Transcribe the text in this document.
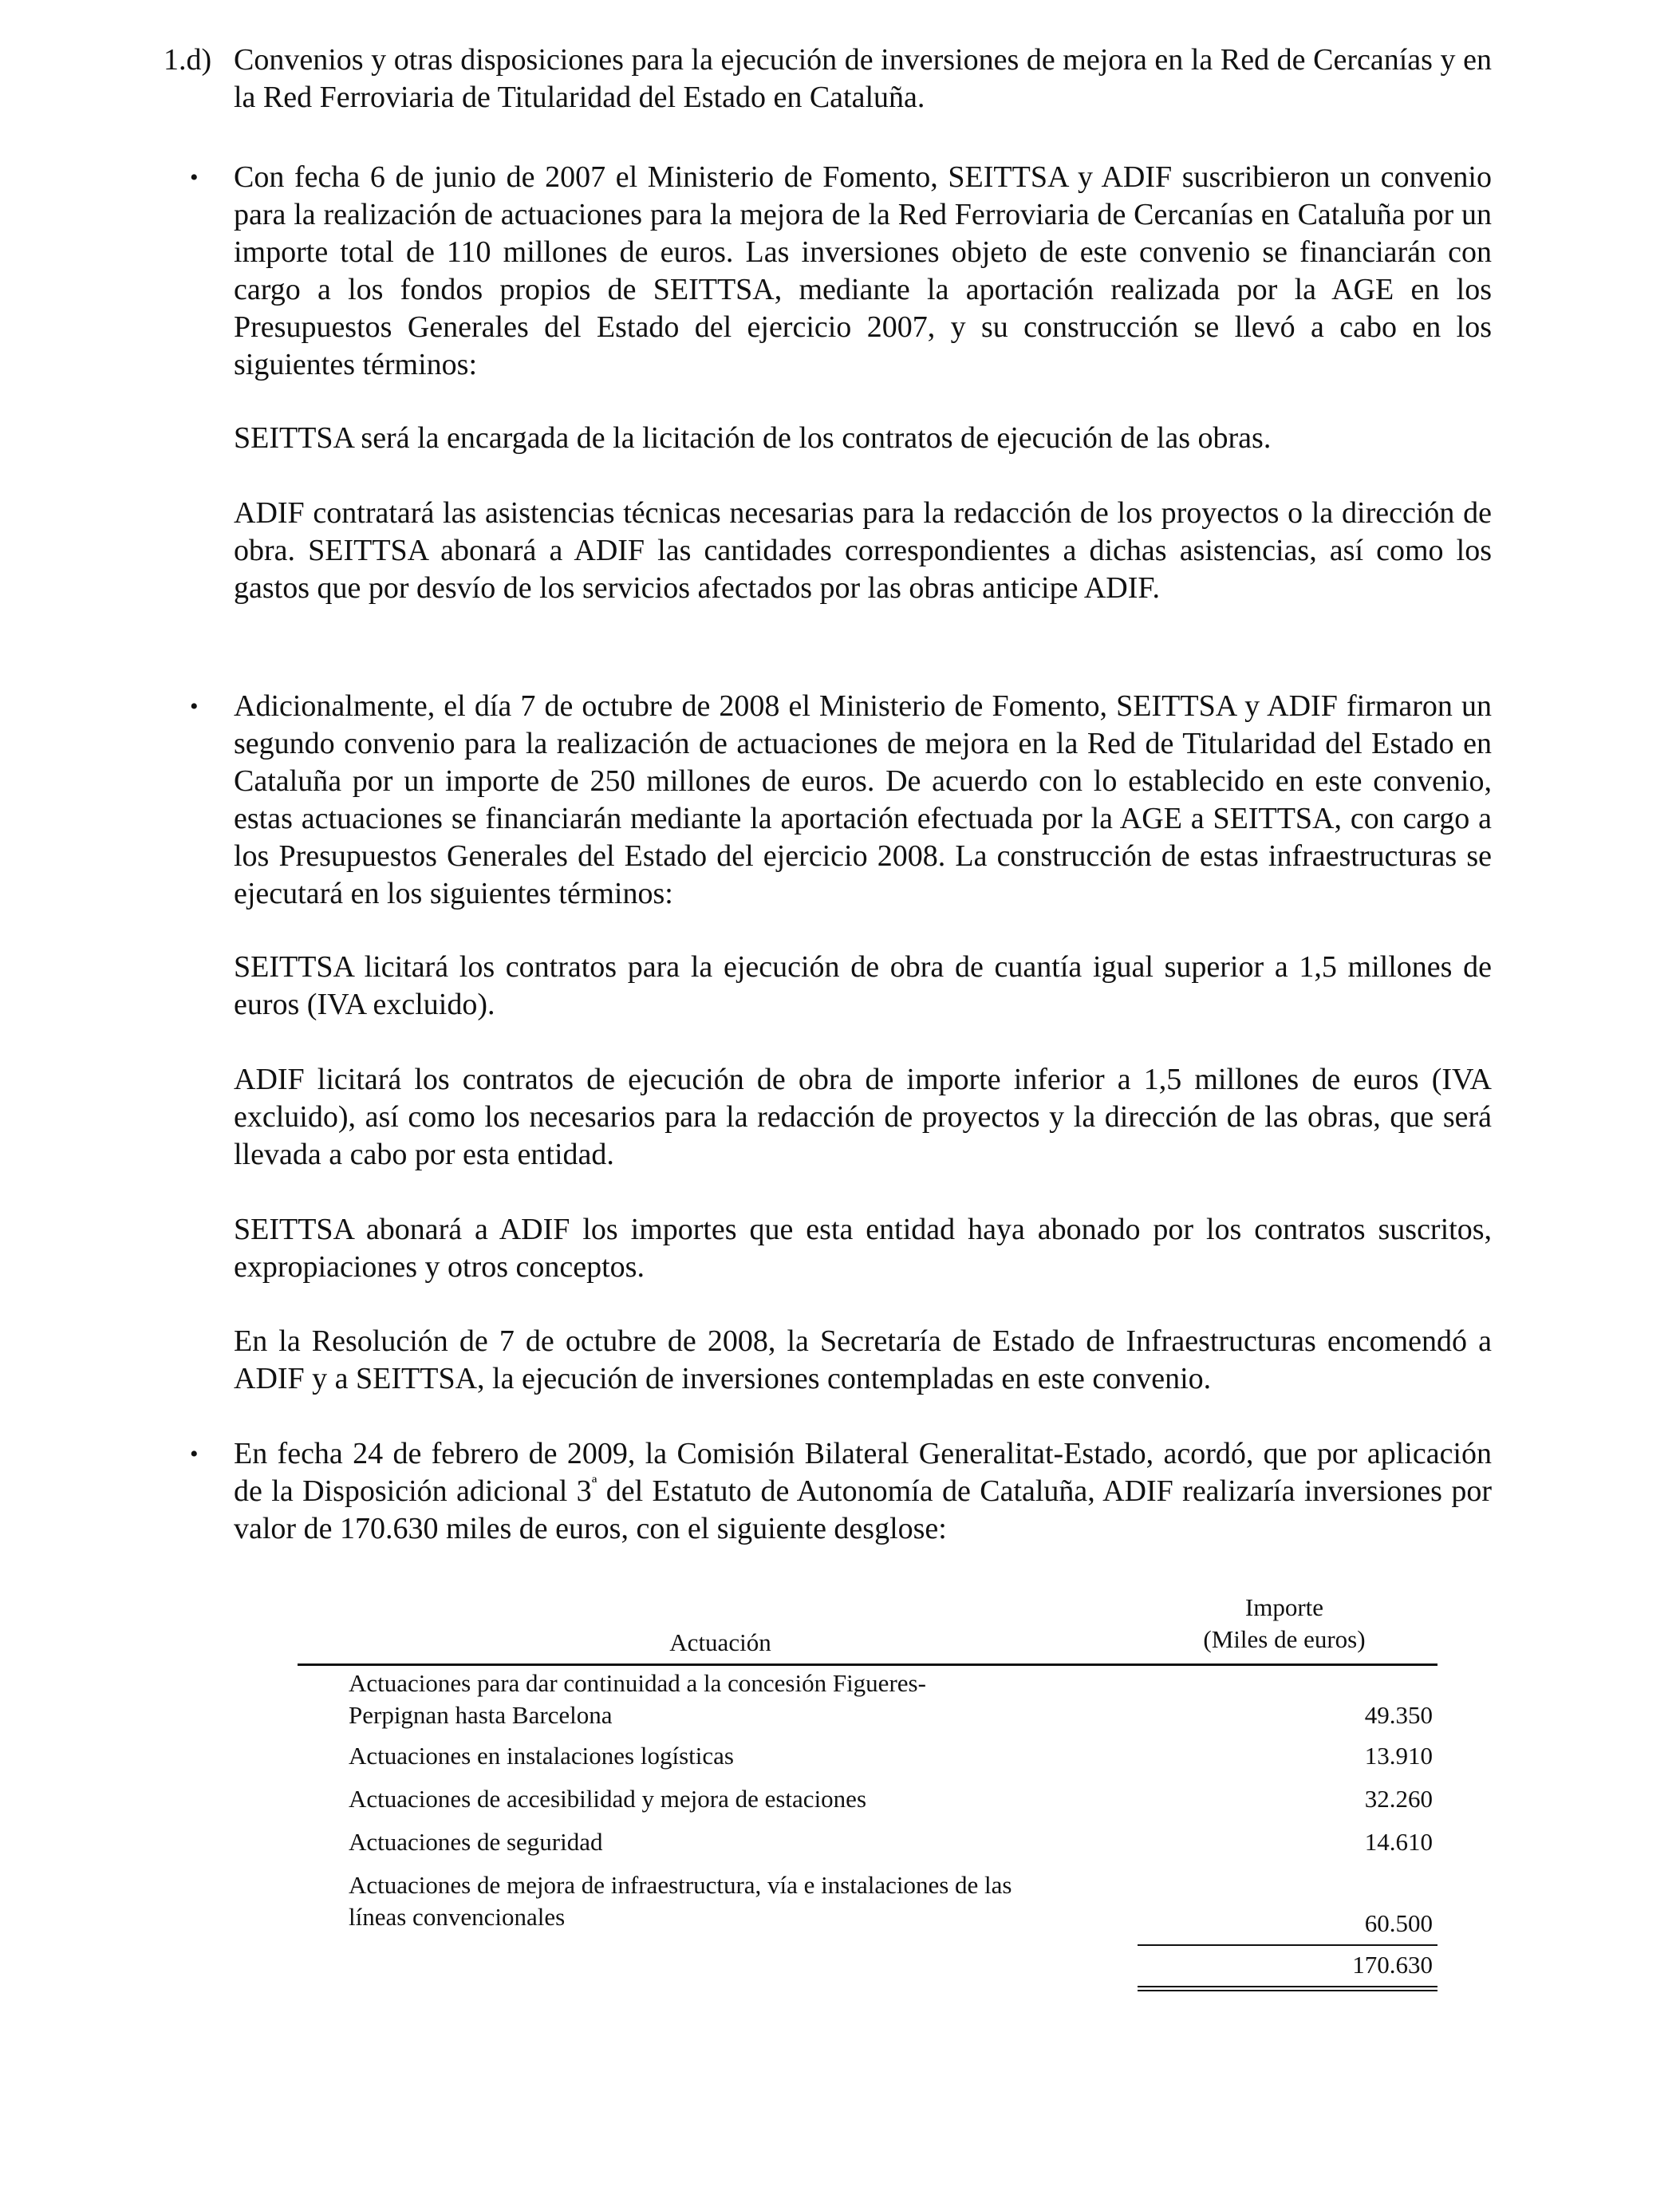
1.d) Convenios y otras disposiciones para la ejecución de inversiones de mejora en la Red de Cercanías y en la Red Ferroviaria de Titularidad del Estado en Cataluña.
• Con fecha 6 de junio de 2007 el Ministerio de Fomento, SEITTSA y ADIF suscribieron un convenio para la realización de actuaciones para la mejora de la Red Ferroviaria de Cercanías en Cataluña por un importe total de 110 millones de euros. Las inversiones objeto de este convenio se financiarán con cargo a los fondos propios de SEITTSA, mediante la aportación realizada por la AGE en los Presupuestos Generales del Estado del ejercicio 2007, y su construcción se llevó a cabo en los siguientes términos:

SEITTSA será la encargada de la licitación de los contratos de ejecución de las obras.

ADIF contratará las asistencias técnicas necesarias para la redacción de los proyectos o la dirección de obra. SEITTSA abonará a ADIF las cantidades correspondientes a dichas asistencias, así como los gastos que por desvío de los servicios afectados por las obras anticipe ADIF.

• Adicionalmente, el día 7 de octubre de 2008 el Ministerio de Fomento, SEITTSA y ADIF firmaron un segundo convenio para la realización de actuaciones de mejora en la Red de Titularidad del Estado en Cataluña por un importe de 250 millones de euros. De acuerdo con lo establecido en este convenio, estas actuaciones se financiarán mediante la aportación efectuada por la AGE a SEITTSA, con cargo a los Presupuestos Generales del Estado del ejercicio 2008. La construcción de estas infraestructuras se ejecutará en los siguientes términos:

SEITTSA licitará los contratos para la ejecución de obra de cuantía igual superior a 1,5 millones de euros (IVA excluido).

ADIF licitará los contratos de ejecución de obra de importe inferior a 1,5 millones de euros (IVA excluido), así como los necesarios para la redacción de proyectos y la dirección de las obras, que será llevada a cabo por esta entidad.

SEITTSA abonará a ADIF los importes que esta entidad haya abonado por los contratos suscritos, expropiaciones y otros conceptos.

En la Resolución de 7 de octubre de 2008, la Secretaría de Estado de Infraestructuras encomendó a ADIF y a SEITTSA, la ejecución de inversiones contempladas en este convenio.

• En fecha 24 de febrero de 2009, la Comisión Bilateral Generalitat-Estado, acordó, que por aplicación de la Disposición adicional $3^ª$ del Estatuto de Autonomía de Cataluña, ADIF realizaría inversiones por valor de 170.630 miles de euros, con el siguiente desglose:

Actuación
Importe
(Miles de euros)
Actuaciones para dar continuidad a la concesión Figueres-
Perpignan hasta Barcelona	49.350
Actuaciones en instalaciones logísticas	13.910
Actuaciones de accesibilidad y mejora de estaciones	32.260
Actuaciones de seguridad	14.610
Actuaciones de mejora de infraestructura, vía e instalaciones de las
líneas convencionales	60.500
170.630
